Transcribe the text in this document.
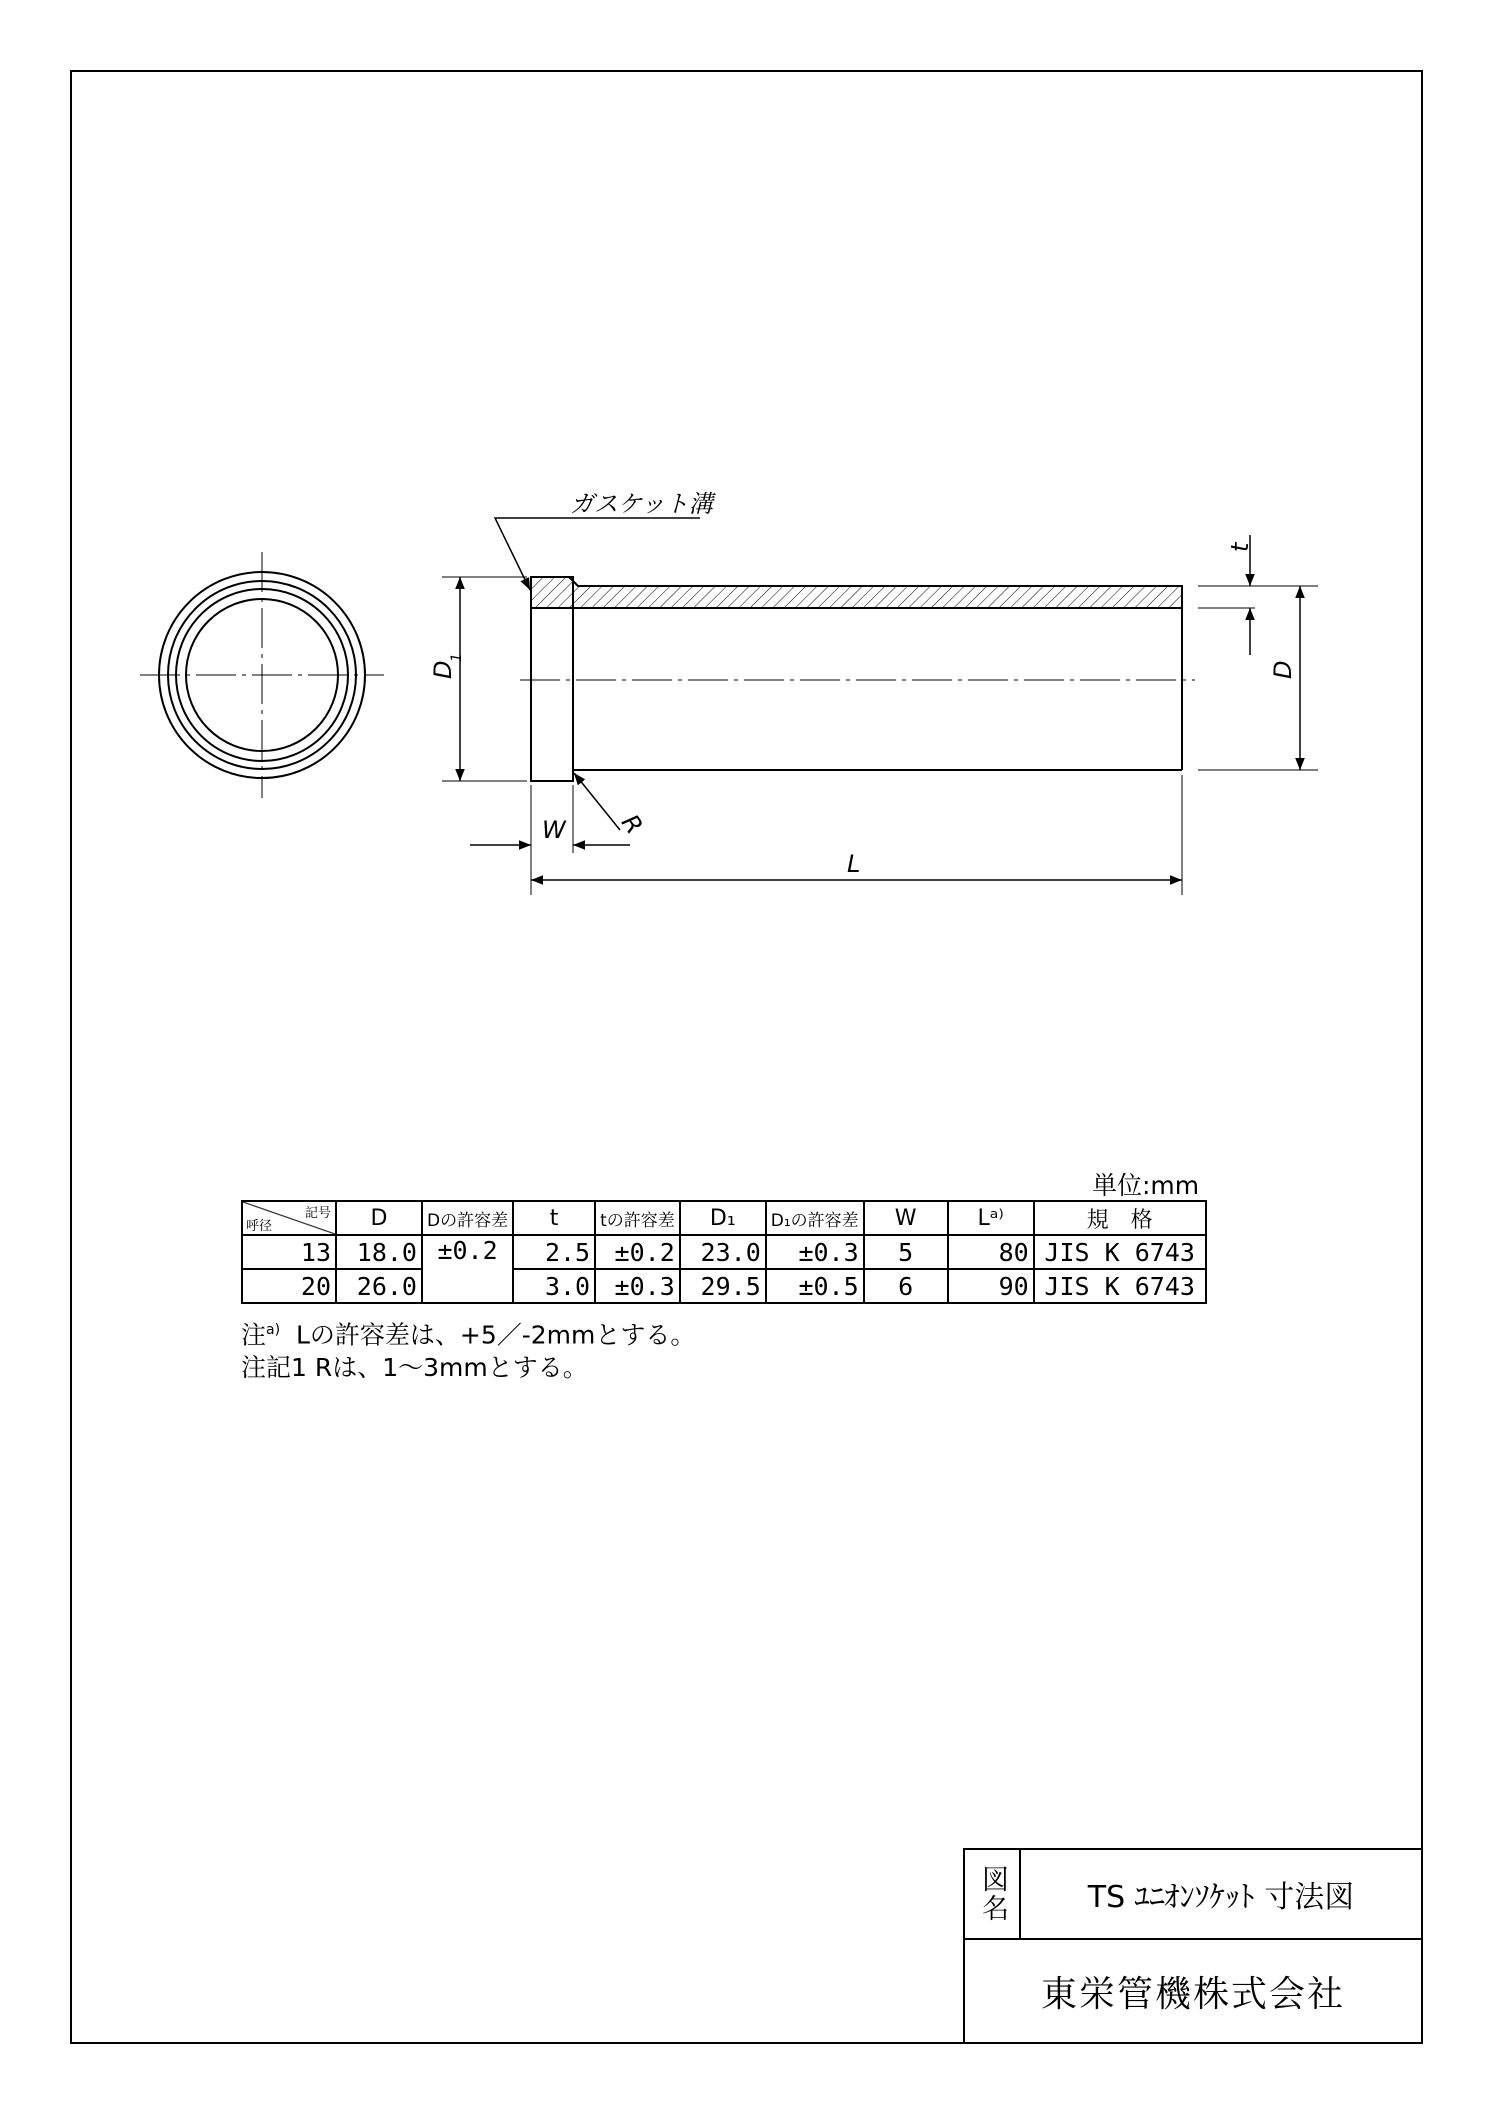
ガスケット溝
t
D
D
1
W R
L
単位:mm
記号
呼径	D	Dの許容差	t	tの許容差	D₁	D₁の許容差	W	Lᵃ⁾	規　格
13	18.0	±0.2	2.5	±0.2	23.0	±0.3	5	80	JIS K 6743
20	26.0		3.0	±0.3	29.5	±0.5	6	90	JIS K 6743
注$^{a)}$ Lの許容差は、+5／-2mmとする。
注記1 Rは、1～3mmとする。
図名	TS ﾕﾆｵﾝｿｹｯﾄ 寸法図
東栄管機株式会社
